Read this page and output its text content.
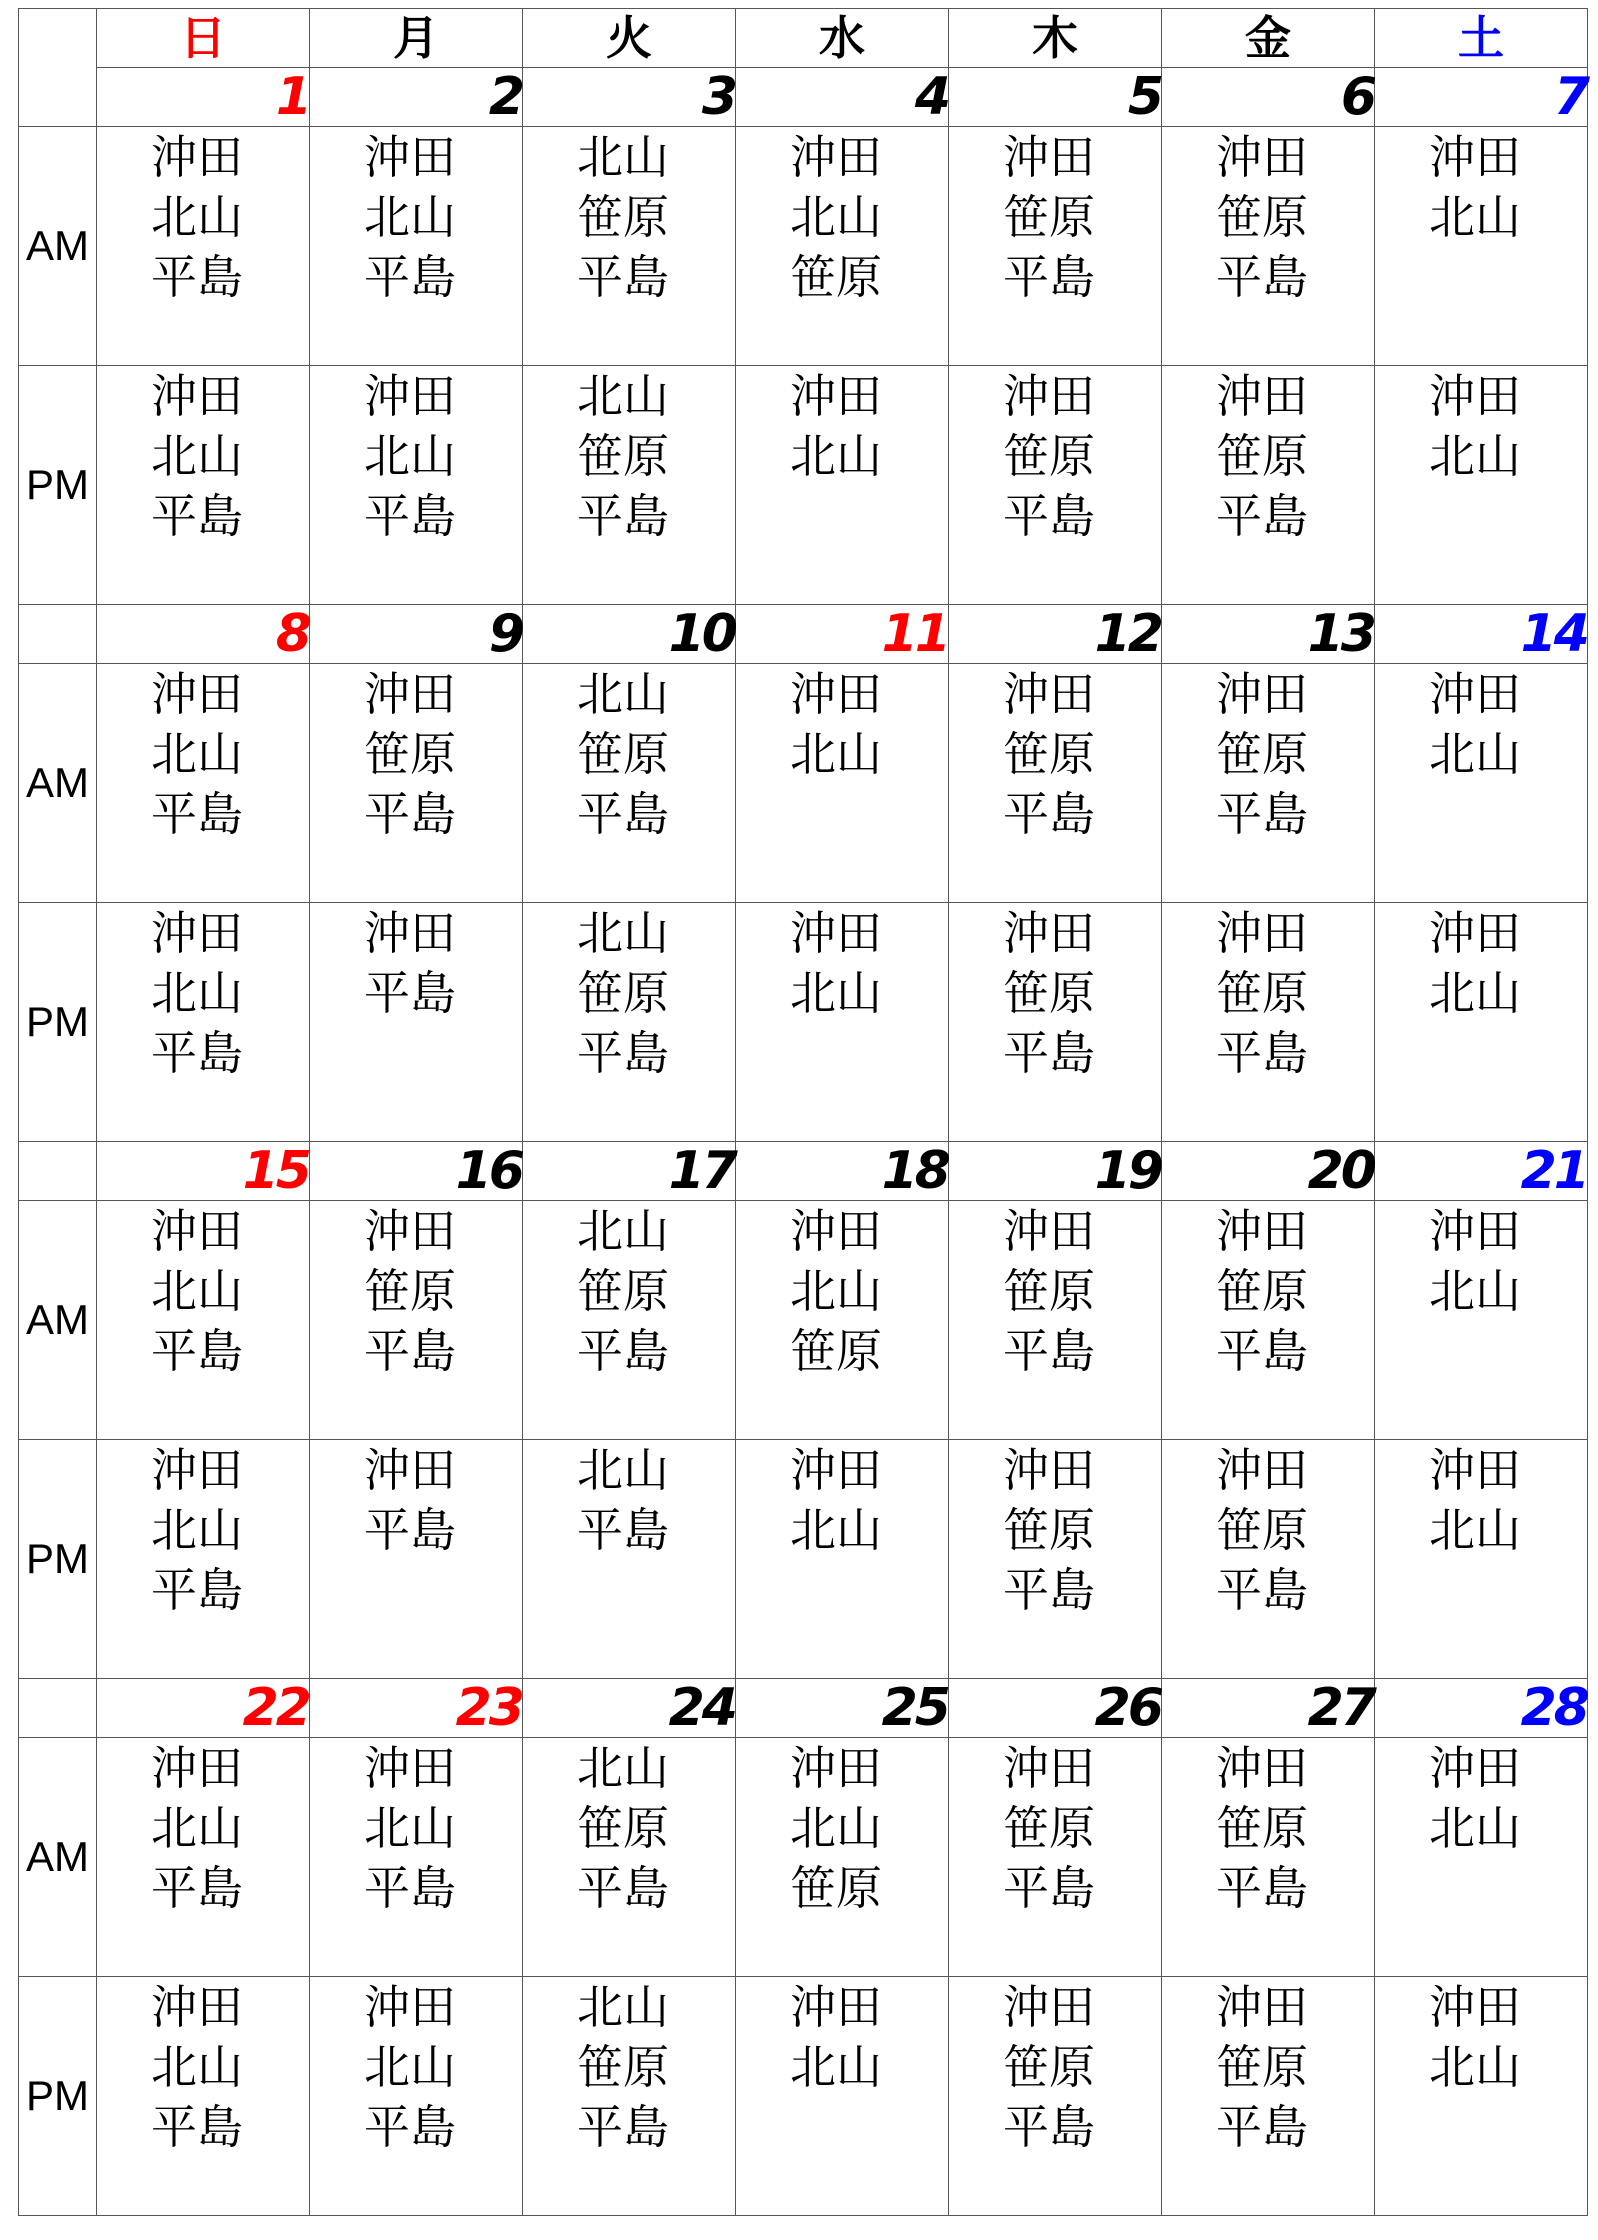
	日	月	火	水	木	金	土
	1	2	3	4	5	6	7
AM	沖田
北山
平島	沖田
北山
平島	北山
笹原
平島	沖田
北山
笹原	沖田
笹原
平島	沖田
笹原
平島	沖田
北山

PM	沖田
北山
平島	沖田
北山
平島	北山
笹原
平島	沖田
北山	沖田
笹原
平島	沖田
笹原
平島	沖田
北山

	8	9	10	11	12	13	14
AM	沖田
北山
平島	沖田
笹原
平島	北山
笹原
平島	沖田
北山	沖田
笹原
平島	沖田
笹原
平島	沖田
北山

PM	沖田
北山
平島	沖田
平島	北山
笹原
平島	沖田
北山	沖田
笹原
平島	沖田
笹原
平島	沖田
北山

	15	16	17	18	19	20	21
AM	沖田
北山
平島	沖田
笹原
平島	北山
笹原
平島	沖田
北山
笹原	沖田
笹原
平島	沖田
笹原
平島	沖田
北山

PM	沖田
北山
平島	沖田
平島	北山
平島	沖田
北山	沖田
笹原
平島	沖田
笹原
平島	沖田
北山

	22	23	24	25	26	27	28
AM	沖田
北山
平島	沖田
北山
平島	北山
笹原
平島	沖田
北山
笹原	沖田
笹原
平島	沖田
笹原
平島	沖田
北山

PM	沖田
北山
平島	沖田
北山
平島	北山
笹原
平島	沖田
北山	沖田
笹原
平島	沖田
笹原
平島	沖田
北山
